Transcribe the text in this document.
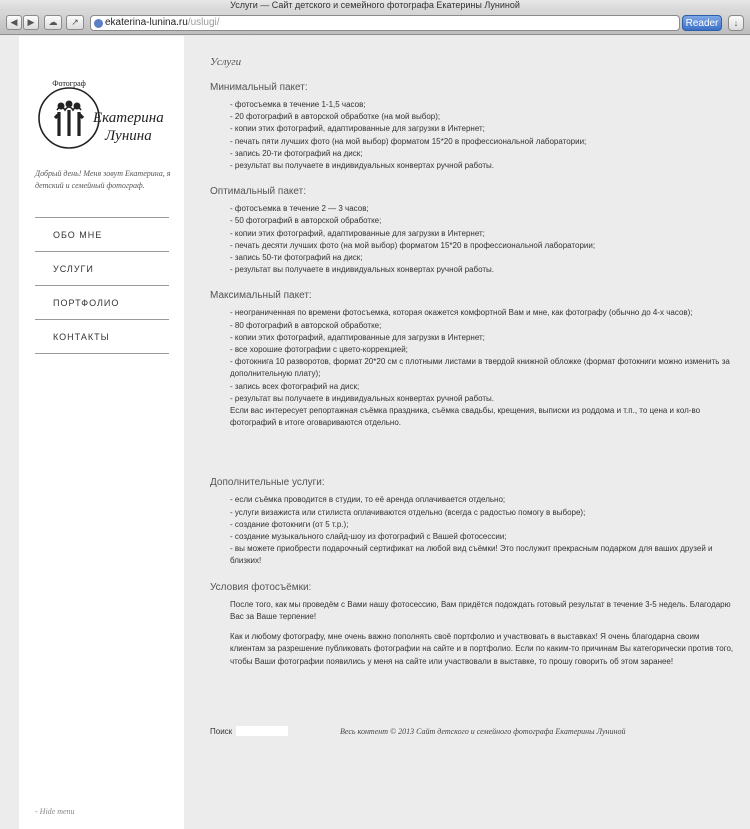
Услуги — Сайт детского и семейного фотографа Екатерины Луниной
◀	▶	☁	↗	ekaterina-lunina.ru/uslugi/	Reader	↓
Фотограф
Екатерина
Лунина
Добрый день! Меня зовут Екатерина, я детский и семейный фотограф.
ОБО МНЕ
УСЛУГИ
ПОРТФОЛИО
КОНТАКТЫ
- Hide menu
Услуги
Минимальный пакет:
- фотосъемка в течение 1-1,5 часов;
- 20 фотографий в авторской обработке (на мой выбор);
- копии этих фотографий, адаптированные для загрузки в Интернет;
- печать пяти лучших фото (на мой выбор) форматом 15*20 в профессиональной лаборатории;
- запись 20-ти фотографий на диск;
- результат вы получаете в индивидуальных конвертах ручной работы.
Оптимальный пакет:
- фотосъемка в течение 2 — 3 часов;
- 50 фотографий в авторской обработке;
- копии этих фотографий, адаптированные для загрузки в Интернет;
- печать десяти лучших фото (на мой выбор) форматом 15*20 в профессиональной лаборатории;
- запись 50-ти фотографий на диск;
- результат вы получаете в индивидуальных конвертах ручной работы.
Максимальный пакет:
- неограниченная по времени фотосъемка, которая окажется комфортной Вам и мне, как фотографу (обычно до 4-х часов);
- 80 фотографий в авторской обработке;
- копии этих фотографий, адаптированные для загрузки в Интернет;
- все хорошие фотографии с цвето-коррекцией;
- фотокнига 10 разворотов, формат 20*20 см с плотными листами в твердой книжной обложке (формат фотокниги можно изменить за дополнительную плату);
- запись всех фотографий на диск;
- результат вы получаете в индивидуальных конвертах ручной работы.
Если вас интересует репортажная съёмка праздника, съёмка свадьбы, крещения, выписки из роддома и т.п., то цена и кол-во фотографий в итоге оговариваются отдельно.
Дополнительные услуги:
- если съёмка проводится в студии, то её аренда оплачивается отдельно;
- услуги визажиста или стилиста оплачиваются отдельно (всегда с радостью помогу в выборе);
- создание фотокниги (от 5 т.р.);
- создание музыкального слайд-шоу из фотографий с Вашей фотосессии;
- вы можете приобрести подарочный сертификат на любой вид съёмки! Это послужит прекрасным подарком для ваших друзей и близких!
Условия фотосъёмки:
После того, как мы проведём с Вами нашу фотосессию, Вам придётся подождать готовый результат в течение 3-5 недель. Благодарю Вас за Ваше терпение!
Как и любому фотографу, мне очень важно пополнять своё портфолио и участвовать в выставках! Я очень благодарна своим клиентам за разрешение публиковать фотографии на сайте и в портфолио. Если по каким-то причинам Вы категорически против того, чтобы Ваши фотографии появились у меня на сайте или участвовали в выставке, то прошу говорить об этом заранее!
Поиск	Весь контент © 2013 Сайт детского и семейного фотографа Екатерины Луниной
